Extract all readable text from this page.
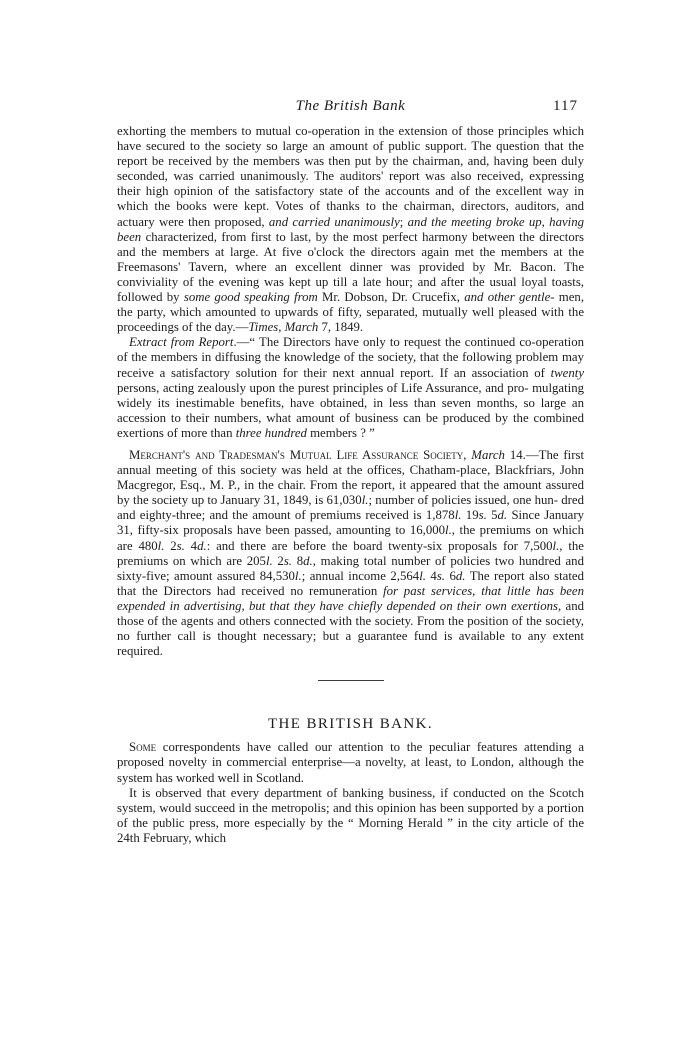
The British Bank	117

exhorting the members to mutual co-operation in the extension of those principles which have secured to the society so large an amount of public support. The question that the report be received by the members was then put by the chairman, and, having been duly seconded, was carried unanimously. The auditors' report was also received, expressing their high opinion of the satisfactory state of the accounts and of the excellent way in which the books were kept. Votes of thanks to the chairman, directors, auditors, and actuary were then proposed, and carried unanimously; and the meeting broke up, having been characterized, from first to last, by the most perfect harmony between the directors and the members at large. At five o'clock the directors again met the members at the Freemasons' Tavern, where an excellent dinner was provided by Mr. Bacon. The conviviality of the evening was kept up till a late hour; and after the usual loyal toasts, followed by some good speaking from Mr. Dobson, Dr. Crucefix, and other gentle- men, the party, which amounted to upwards of fifty, separated, mutually well pleased with the proceedings of the day.—Times, March 7, 1849.

Extract from Report.—“ The Directors have only to request the continued co-operation of the members in diffusing the knowledge of the society, that the following problem may receive a satisfactory solution for their next annual report. If an association of twenty persons, acting zealously upon the purest principles of Life Assurance, and pro- mulgating widely its inestimable benefits, have obtained, in less than seven months, so large an accession to their numbers, what amount of business can be produced by the combined exertions of more than three hundred members ? ”

Merchant's and Tradesman's Mutual Life Assurance Society, March 14.—The first annual meeting of this society was held at the offices, Chatham-place, Blackfriars, John Macgregor, Esq., M. P., in the chair. From the report, it appeared that the amount assured by the society up to January 31, 1849, is 61,030l.; number of policies issued, one hun- dred and eighty-three; and the amount of premiums received is 1,878l. 19s. 5d. Since January 31, fifty-six proposals have been passed, amounting to 16,000l., the premiums on which are 480l. 2s. 4d.: and there are before the board twenty-six proposals for 7,500l., the premiums on which are 205l. 2s. 8d., making total number of policies two hundred and sixty-five; amount assured 84,530l.; annual income 2,564l. 4s. 6d. The report also stated that the Directors had received no remuneration for past services, that little has been expended in advertising, but that they have chiefly depended on their own exertions, and those of the agents and others connected with the society. From the position of the society, no further call is thought necessary; but a guarantee fund is available to any extent required.

THE BRITISH BANK.

Some correspondents have called our attention to the peculiar features attending a proposed novelty in commercial enterprise—a novelty, at least, to London, although the system has worked well in Scotland.

It is observed that every department of banking business, if conducted on the Scotch system, would succeed in the metropolis; and this opinion has been supported by a portion of the public press, more especially by the “ Morning Herald ” in the city article of the 24th February, which
